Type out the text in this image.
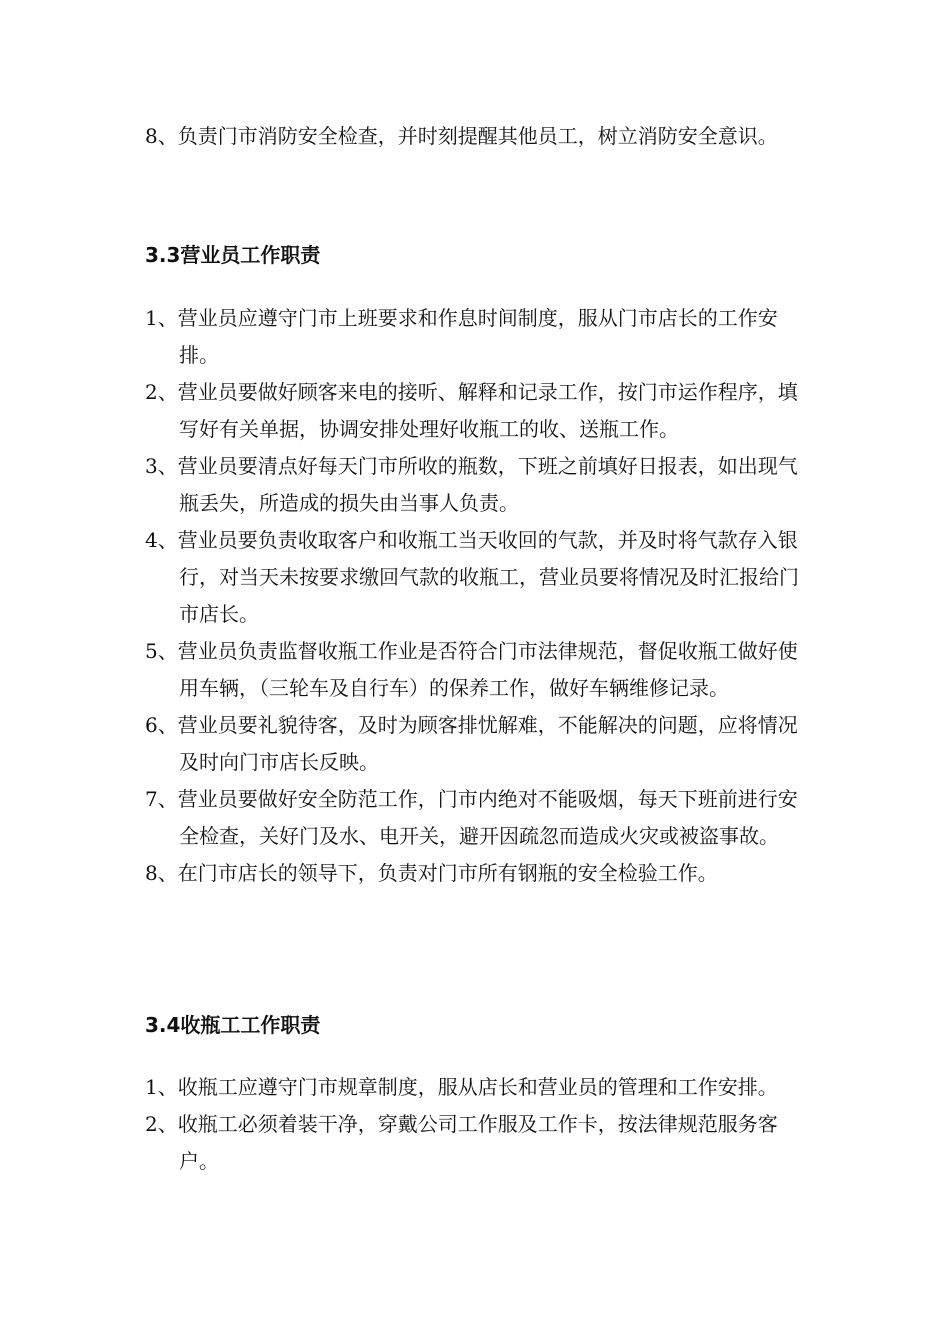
8、负责门市消防安全检查，并时刻提醒其他员工，树立消防安全意识。

3.3营业员工作职责

1、营业员应遵守门市上班要求和作息时间制度，服从门市店长的工作安排。

2、营业员要做好顾客来电的接听、解释和记录工作，按门市运作程序，填写好有关单据，协调安排处理好收瓶工的收、送瓶工作。

3、营业员要清点好每天门市所收的瓶数，下班之前填好日报表，如出现气瓶丢失，所造成的损失由当事人负责。

4、营业员要负责收取客户和收瓶工当天收回的气款，并及时将气款存入银行，对当天未按要求缴回气款的收瓶工，营业员要将情况及时汇报给门市店长。

5、营业员负责监督收瓶工作业是否符合门市法律规范，督促收瓶工做好使用车辆，（三轮车及自行车）的保养工作，做好车辆维修记录。

6、营业员要礼貌待客，及时为顾客排忧解难，不能解决的问题，应将情况及时向门市店长反映。

7、营业员要做好安全防范工作，门市内绝对不能吸烟，每天下班前进行安全检查，关好门及水、电开关，避开因疏忽而造成火灾或被盗事故。

8、在门市店长的领导下，负责对门市所有钢瓶的安全检验工作。

3.4收瓶工工作职责

1、收瓶工应遵守门市规章制度，服从店长和营业员的管理和工作安排。

2、收瓶工必须着装干净，穿戴公司工作服及工作卡，按法律规范服务客户。
